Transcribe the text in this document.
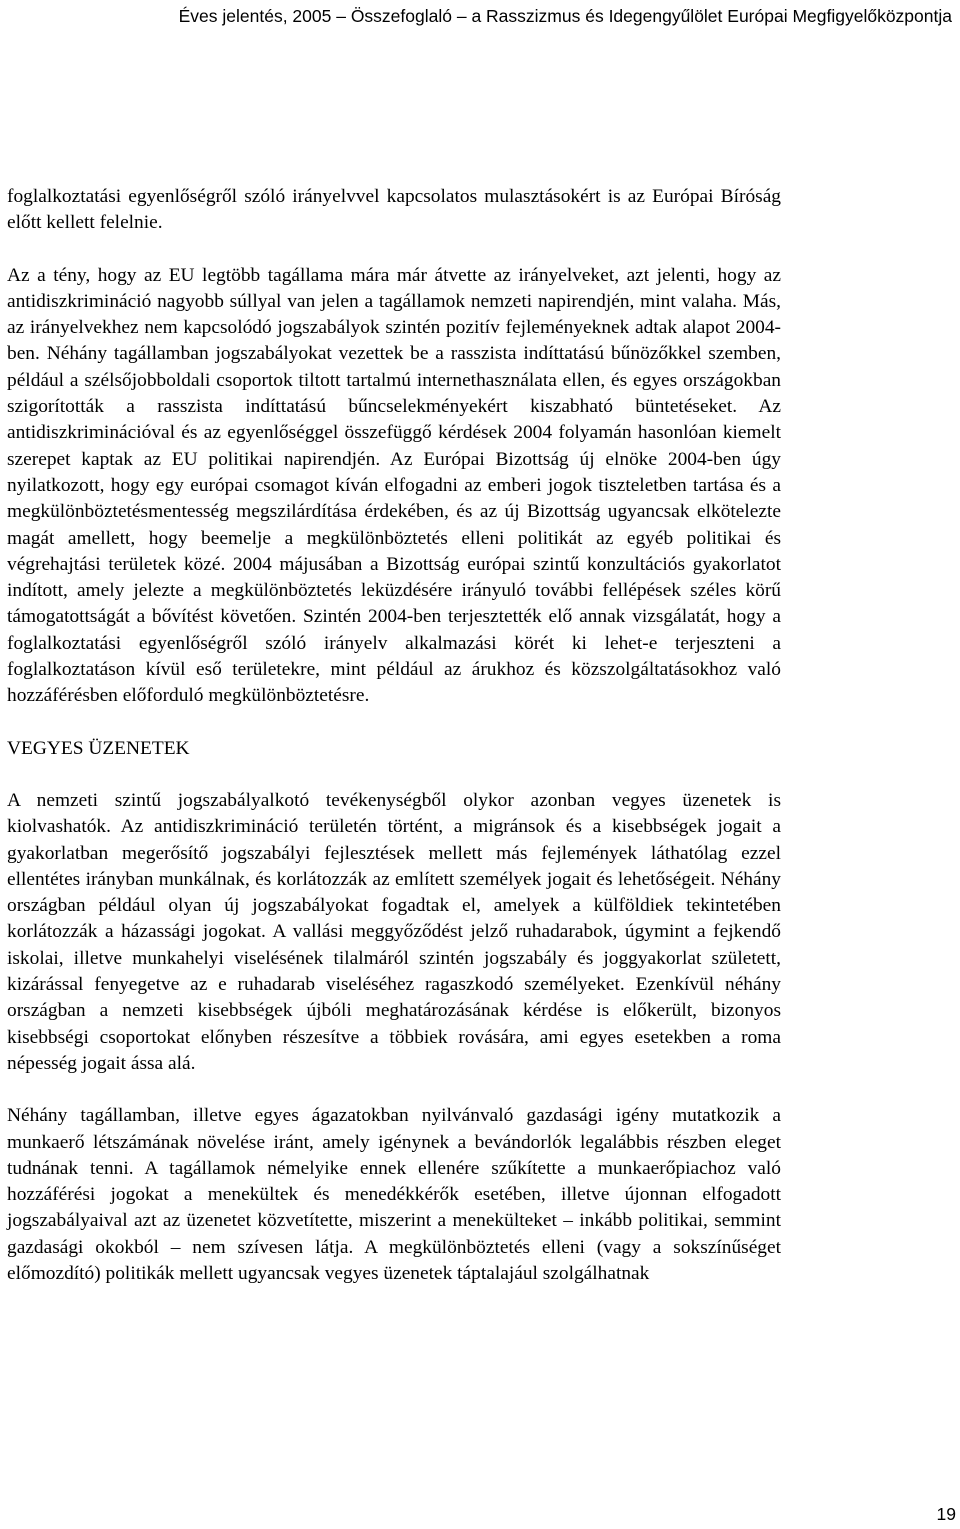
Éves jelentés, 2005 – Összefoglaló – a Rasszizmus és Idegengyűlölet Európai Megfigyelőközpontja

foglalkoztatási egyenlőségről szóló irányelvvel kapcsolatos mulasztásokért is az Európai Bíróság előtt kellett felelnie.

Az a tény, hogy az EU legtöbb tagállama mára már átvette az irányelveket, azt jelenti, hogy az antidiszkrimináció nagyobb súllyal van jelen a tagállamok nemzeti napirendjén, mint valaha. Más, az irányelvekhez nem kapcsolódó jogszabályok szintén pozitív fejleményeknek adtak alapot 2004-ben. Néhány tagállamban jogszabályokat vezettek be a rasszista indíttatású bűnözőkkel szemben, például a szélsőjobboldali csoportok tiltott tartalmú internethasználata ellen, és egyes országokban szigorították a rasszista indíttatású bűncselekményekért kiszabható büntetéseket. Az antidiszkriminációval és az egyenlőséggel összefüggő kérdések 2004 folyamán hasonlóan kiemelt szerepet kaptak az EU politikai napirendjén. Az Európai Bizottság új elnöke 2004-ben úgy nyilatkozott, hogy egy európai csomagot kíván elfogadni az emberi jogok tiszteletben tartása és a megkülönböztetésmentesség megszilárdítása érdekében, és az új Bizottság ugyancsak elkötelezte magát amellett, hogy beemelje a megkülönböztetés elleni politikát az egyéb politikai és végrehajtási területek közé. 2004 májusában a Bizottság európai szintű konzultációs gyakorlatot indított, amely jelezte a megkülönböztetés leküzdésére irányuló további fellépések széles körű támogatottságát a bővítést követően. Szintén 2004-ben terjesztették elő annak vizsgálatát, hogy a foglalkoztatási egyenlőségről szóló irányelv alkalmazási körét ki lehet-e terjeszteni a foglalkoztatáson kívül eső területekre, mint például az árukhoz és közszolgáltatásokhoz való hozzáférésben előforduló megkülönböztetésre.

VEGYES ÜZENETEK

A nemzeti szintű jogszabályalkotó tevékenységből olykor azonban vegyes üzenetek is kiolvashatók. Az antidiszkrimináció területén történt, a migránsok és a kisebbségek jogait a gyakorlatban megerősítő jogszabályi fejlesztések mellett más fejlemények láthatólag ezzel ellentétes irányban munkálnak, és korlátozzák az említett személyek jogait és lehetőségeit. Néhány országban például olyan új jogszabályokat fogadtak el, amelyek a külföldiek tekintetében korlátozzák a házassági jogokat. A vallási meggyőződést jelző ruhadarabok, úgymint a fejkendő iskolai, illetve munkahelyi viselésének tilalmáról szintén jogszabály és joggyakorlat született, kizárással fenyegetve az e ruhadarab viseléséhez ragaszkodó személyeket. Ezenkívül néhány országban a nemzeti kisebbségek újbóli meghatározásának kérdése is előkerült, bizonyos kisebbségi csoportokat előnyben részesítve a többiek rovására, ami egyes esetekben a roma népesség jogait ássa alá.

Néhány tagállamban, illetve egyes ágazatokban nyilvánvaló gazdasági igény mutatkozik a munkaerő létszámának növelése iránt, amely igénynek a bevándorlók legalábbis részben eleget tudnának tenni. A tagállamok némelyike ennek ellenére szűkítette a munkaerőpiachoz való hozzáférési jogokat a menekültek és menedékkérők esetében, illetve újonnan elfogadott jogszabályaival azt az üzenetet közvetítette, miszerint a menekülteket – inkább politikai, semmint gazdasági okokból – nem szívesen látja. A megkülönböztetés elleni (vagy a sokszínűséget előmozdító) politikák mellett ugyancsak vegyes üzenetek táptalajául szolgálhatnak

19
